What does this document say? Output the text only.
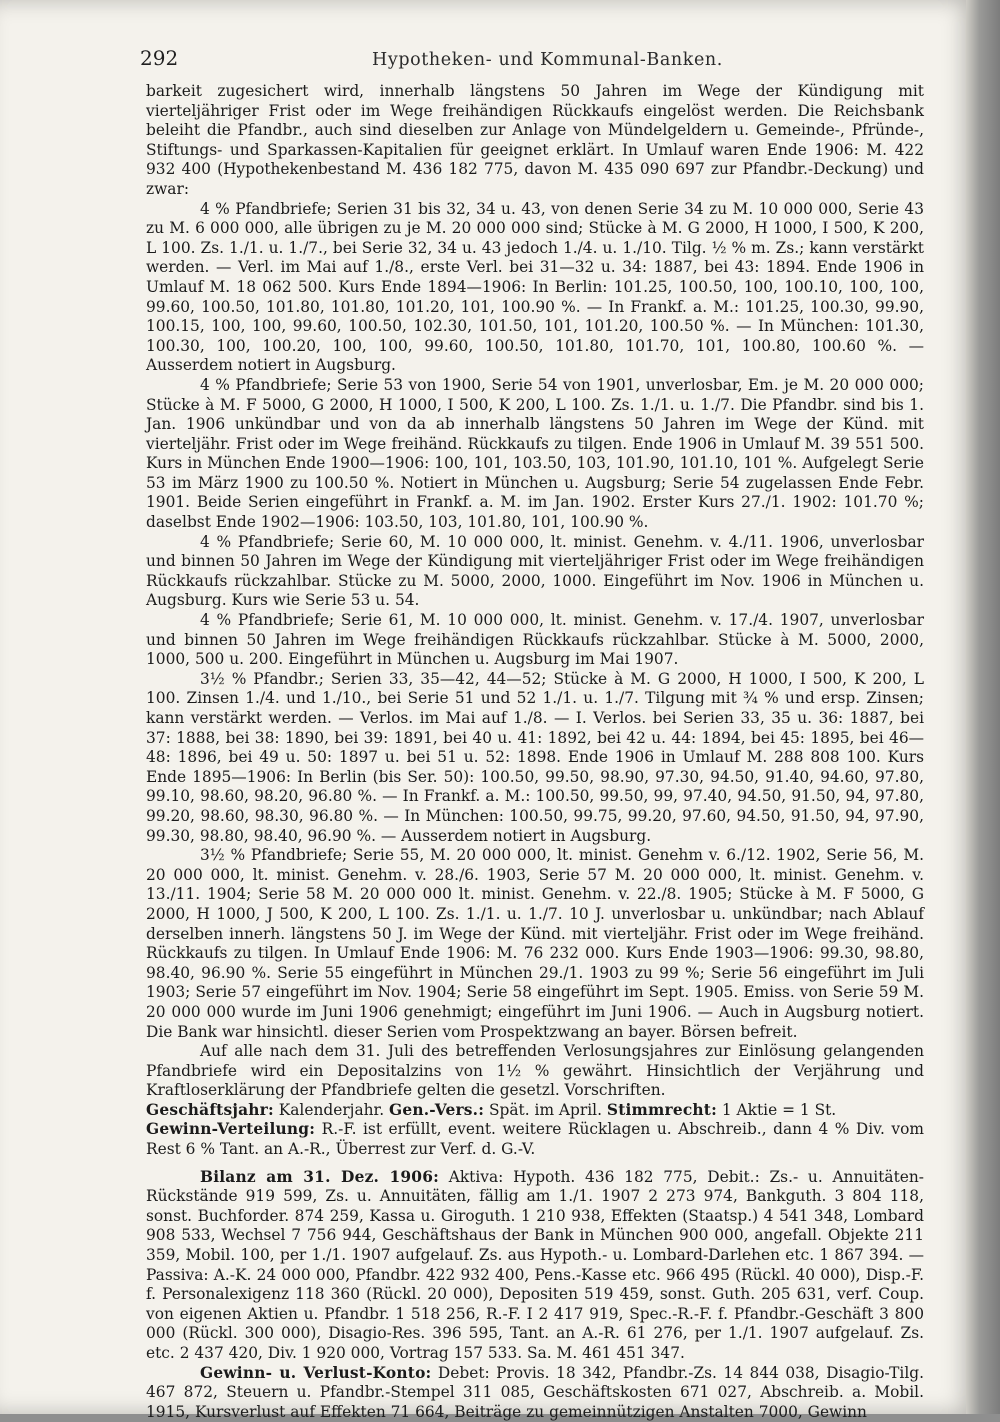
292	Hypotheken- und Kommunal-Banken.

barkeit zugesichert wird, innerhalb längstens 50 Jahren im Wege der Kündigung mit vierteljähriger Frist oder im Wege freihändigen Rückkaufs eingelöst werden. Die Reichsbank beleiht die Pfandbr., auch sind dieselben zur Anlage von Mündelgeldern u. Gemeinde-, Pfründe-, Stiftungs- und Sparkassen-Kapitalien für geeignet erklärt. In Umlauf waren Ende 1906: M. 422 932 400 (Hypothekenbestand M. 436 182 775, davon M. 435 090 697 zur Pfandbr.-Deckung) und zwar:

4 % Pfandbriefe; Serien 31 bis 32, 34 u. 43, von denen Serie 34 zu M. 10 000 000, Serie 43 zu M. 6 000 000, alle übrigen zu je M. 20 000 000 sind; Stücke à M. G 2000, H 1000, I 500, K 200, L 100. Zs. 1./1. u. 1./7., bei Serie 32, 34 u. 43 jedoch 1./4. u. 1./10. Tilg. ½ % m. Zs.; kann verstärkt werden. — Verl. im Mai auf 1./8., erste Verl. bei 31—32 u. 34: 1887, bei 43: 1894. Ende 1906 in Umlauf M. 18 062 500. Kurs Ende 1894—1906: In Berlin: 101.25, 100.50, 100, 100.10, 100, 100, 99.60, 100.50, 101.80, 101.80, 101.20, 101, 100.90 %. — In Frankf. a. M.: 101.25, 100.30, 99.90, 100.15, 100, 100, 99.60, 100.50, 102.30, 101.50, 101, 101.20, 100.50 %. — In München: 101.30, 100.30, 100, 100.20, 100, 100, 99.60, 100.50, 101.80, 101.70, 101, 100.80, 100.60 %. — Ausserdem notiert in Augsburg.

4 % Pfandbriefe; Serie 53 von 1900, Serie 54 von 1901, unverlosbar, Em. je M. 20 000 000; Stücke à M. F 5000, G 2000, H 1000, I 500, K 200, L 100. Zs. 1./1. u. 1./7. Die Pfandbr. sind bis 1. Jan. 1906 unkündbar und von da ab innerhalb längstens 50 Jahren im Wege der Künd. mit vierteljähr. Frist oder im Wege freihänd. Rückkaufs zu tilgen. Ende 1906 in Umlauf M. 39 551 500. Kurs in München Ende 1900—1906: 100, 101, 103.50, 103, 101.90, 101.10, 101 %. Aufgelegt Serie 53 im März 1900 zu 100.50 %. Notiert in München u. Augsburg; Serie 54 zugelassen Ende Febr. 1901. Beide Serien eingeführt in Frankf. a. M. im Jan. 1902. Erster Kurs 27./1. 1902: 101.70 %; daselbst Ende 1902—1906: 103.50, 103, 101.80, 101, 100.90 %.

4 % Pfandbriefe; Serie 60, M. 10 000 000, lt. minist. Genehm. v. 4./11. 1906, unverlosbar und binnen 50 Jahren im Wege der Kündigung mit vierteljähriger Frist oder im Wege freihändigen Rückkaufs rückzahlbar. Stücke zu M. 5000, 2000, 1000. Eingeführt im Nov. 1906 in München u. Augsburg. Kurs wie Serie 53 u. 54.

4 % Pfandbriefe; Serie 61, M. 10 000 000, lt. minist. Genehm. v. 17./4. 1907, unverlosbar und binnen 50 Jahren im Wege freihändigen Rückkaufs rückzahlbar. Stücke à M. 5000, 2000, 1000, 500 u. 200. Eingeführt in München u. Augsburg im Mai 1907.

3½ % Pfandbr.; Serien 33, 35—42, 44—52; Stücke à M. G 2000, H 1000, I 500, K 200, L 100. Zinsen 1./4. und 1./10., bei Serie 51 und 52 1./1. u. 1./7. Tilgung mit ¾ % und ersp. Zinsen; kann verstärkt werden. — Verlos. im Mai auf 1./8. — I. Verlos. bei Serien 33, 35 u. 36: 1887, bei 37: 1888, bei 38: 1890, bei 39: 1891, bei 40 u. 41: 1892, bei 42 u. 44: 1894, bei 45: 1895, bei 46—48: 1896, bei 49 u. 50: 1897 u. bei 51 u. 52: 1898. Ende 1906 in Umlauf M. 288 808 100. Kurs Ende 1895—1906: In Berlin (bis Ser. 50): 100.50, 99.50, 98.90, 97.30, 94.50, 91.40, 94.60, 97.80, 99.10, 98.60, 98.20, 96.80 %. — In Frankf. a. M.: 100.50, 99.50, 99, 97.40, 94.50, 91.50, 94, 97.80, 99.20, 98.60, 98.30, 96.80 %. — In München: 100.50, 99.75, 99.20, 97.60, 94.50, 91.50, 94, 97.90, 99.30, 98.80, 98.40, 96.90 %. — Ausserdem notiert in Augsburg.

3½ % Pfandbriefe; Serie 55, M. 20 000 000, lt. minist. Genehm v. 6./12. 1902, Serie 56, M. 20 000 000, lt. minist. Genehm. v. 28./6. 1903, Serie 57 M. 20 000 000, lt. minist. Genehm. v. 13./11. 1904; Serie 58 M. 20 000 000 lt. minist. Genehm. v. 22./8. 1905; Stücke à M. F 5000, G 2000, H 1000, J 500, K 200, L 100. Zs. 1./1. u. 1./7. 10 J. unverlosbar u. unkündbar; nach Ablauf derselben innerh. längstens 50 J. im Wege der Künd. mit vierteljähr. Frist oder im Wege freihänd. Rückkaufs zu tilgen. In Umlauf Ende 1906: M. 76 232 000. Kurs Ende 1903—1906: 99.30, 98.80, 98.40, 96.90 %. Serie 55 eingeführt in München 29./1. 1903 zu 99 %; Serie 56 eingeführt im Juli 1903; Serie 57 eingeführt im Nov. 1904; Serie 58 eingeführt im Sept. 1905. Emiss. von Serie 59 M. 20 000 000 wurde im Juni 1906 genehmigt; eingeführt im Juni 1906. — Auch in Augsburg notiert. Die Bank war hinsichtl. dieser Serien vom Prospektzwang an bayer. Börsen befreit.

Auf alle nach dem 31. Juli des betreffenden Verlosungsjahres zur Einlösung gelangenden Pfandbriefe wird ein Depositalzins von 1½ % gewährt. Hinsichtlich der Verjährung und Kraftloserklärung der Pfandbriefe gelten die gesetzl. Vorschriften.

Geschäftsjahr: Kalenderjahr. Gen.-Vers.: Spät. im April. Stimmrecht: 1 Aktie = 1 St.

Gewinn-Verteilung: R.-F. ist erfüllt, event. weitere Rücklagen u. Abschreib., dann 4 % Div. vom Rest 6 % Tant. an A.-R., Überrest zur Verf. d. G.-V.

Bilanz am 31. Dez. 1906: Aktiva: Hypoth. 436 182 775, Debit.: Zs.- u. Annuitäten-Rückstände 919 599, Zs. u. Annuitäten, fällig am 1./1. 1907 2 273 974, Bankguth. 3 804 118, sonst. Buchforder. 874 259, Kassa u. Giroguth. 1 210 938, Effekten (Staatsp.) 4 541 348, Lombard 908 533, Wechsel 7 756 944, Geschäftshaus der Bank in München 900 000, angefall. Objekte 211 359, Mobil. 100, per 1./1. 1907 aufgelauf. Zs. aus Hypoth.- u. Lombard-Darlehen etc. 1 867 394. — Passiva: A.-K. 24 000 000, Pfandbr. 422 932 400, Pens.-Kasse etc. 966 495 (Rückl. 40 000), Disp.-F. f. Personalexigenz 118 360 (Rückl. 20 000), Depositen 519 459, sonst. Guth. 205 631, verf. Coup. von eigenen Aktien u. Pfandbr. 1 518 256, R.-F. I 2 417 919, Spec.-R.-F. f. Pfandbr.-Geschäft 3 800 000 (Rückl. 300 000), Disagio-Res. 396 595, Tant. an A.-R. 61 276, per 1./1. 1907 aufgelauf. Zs. etc. 2 437 420, Div. 1 920 000, Vortrag 157 533. Sa. M. 461 451 347.

Gewinn- u. Verlust-Konto: Debet: Provis. 18 342, Pfandbr.-Zs. 14 844 038, Disagio-Tilg. 467 872, Steuern u. Pfandbr.-Stempel 311 085, Geschäftskosten 671 027, Abschreib. a. Mobil. 1915, Kursverlust auf Effekten 71 664, Beiträge zu gemeinnützigen Anstalten 7000, Gewinn
